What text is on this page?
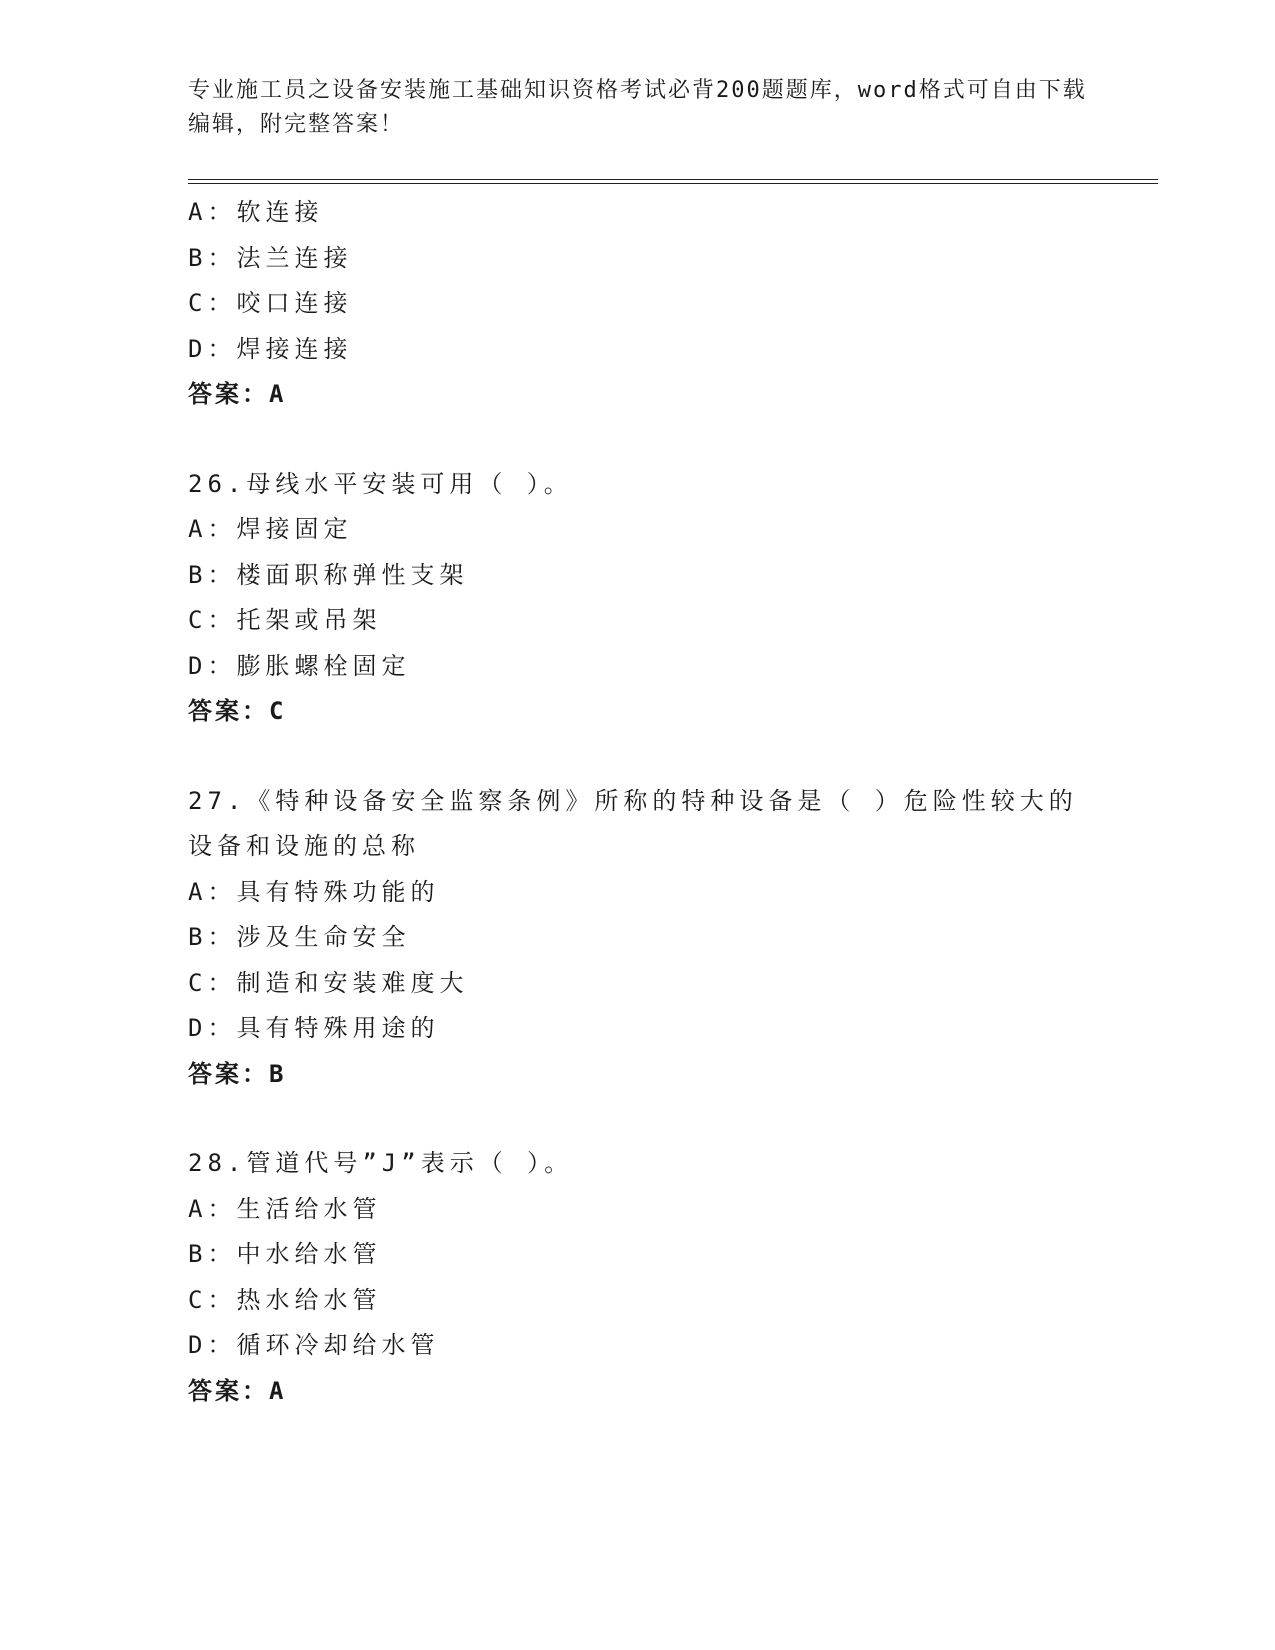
专业施工员之设备安装施工基础知识资格考试必背200题题库，word格式可自由下载编辑，附完整答案！
A：软连接
B：法兰连接
C：咬口连接
D：焊接连接
答案：A
26.母线水平安装可用（ ）。
A：焊接固定
B：楼面职称弹性支架
C：托架或吊架
D：膨胀螺栓固定
答案：C
27.《特种设备安全监察条例》所称的特种设备是（ ）危险性较大的
设备和设施的总称
A：具有特殊功能的
B：涉及生命安全
C：制造和安装难度大
D：具有特殊用途的
答案：B
28.管道代号”J”表示（ ）。
A：生活给水管
B：中水给水管
C：热水给水管
D：循环冷却给水管
答案：A
